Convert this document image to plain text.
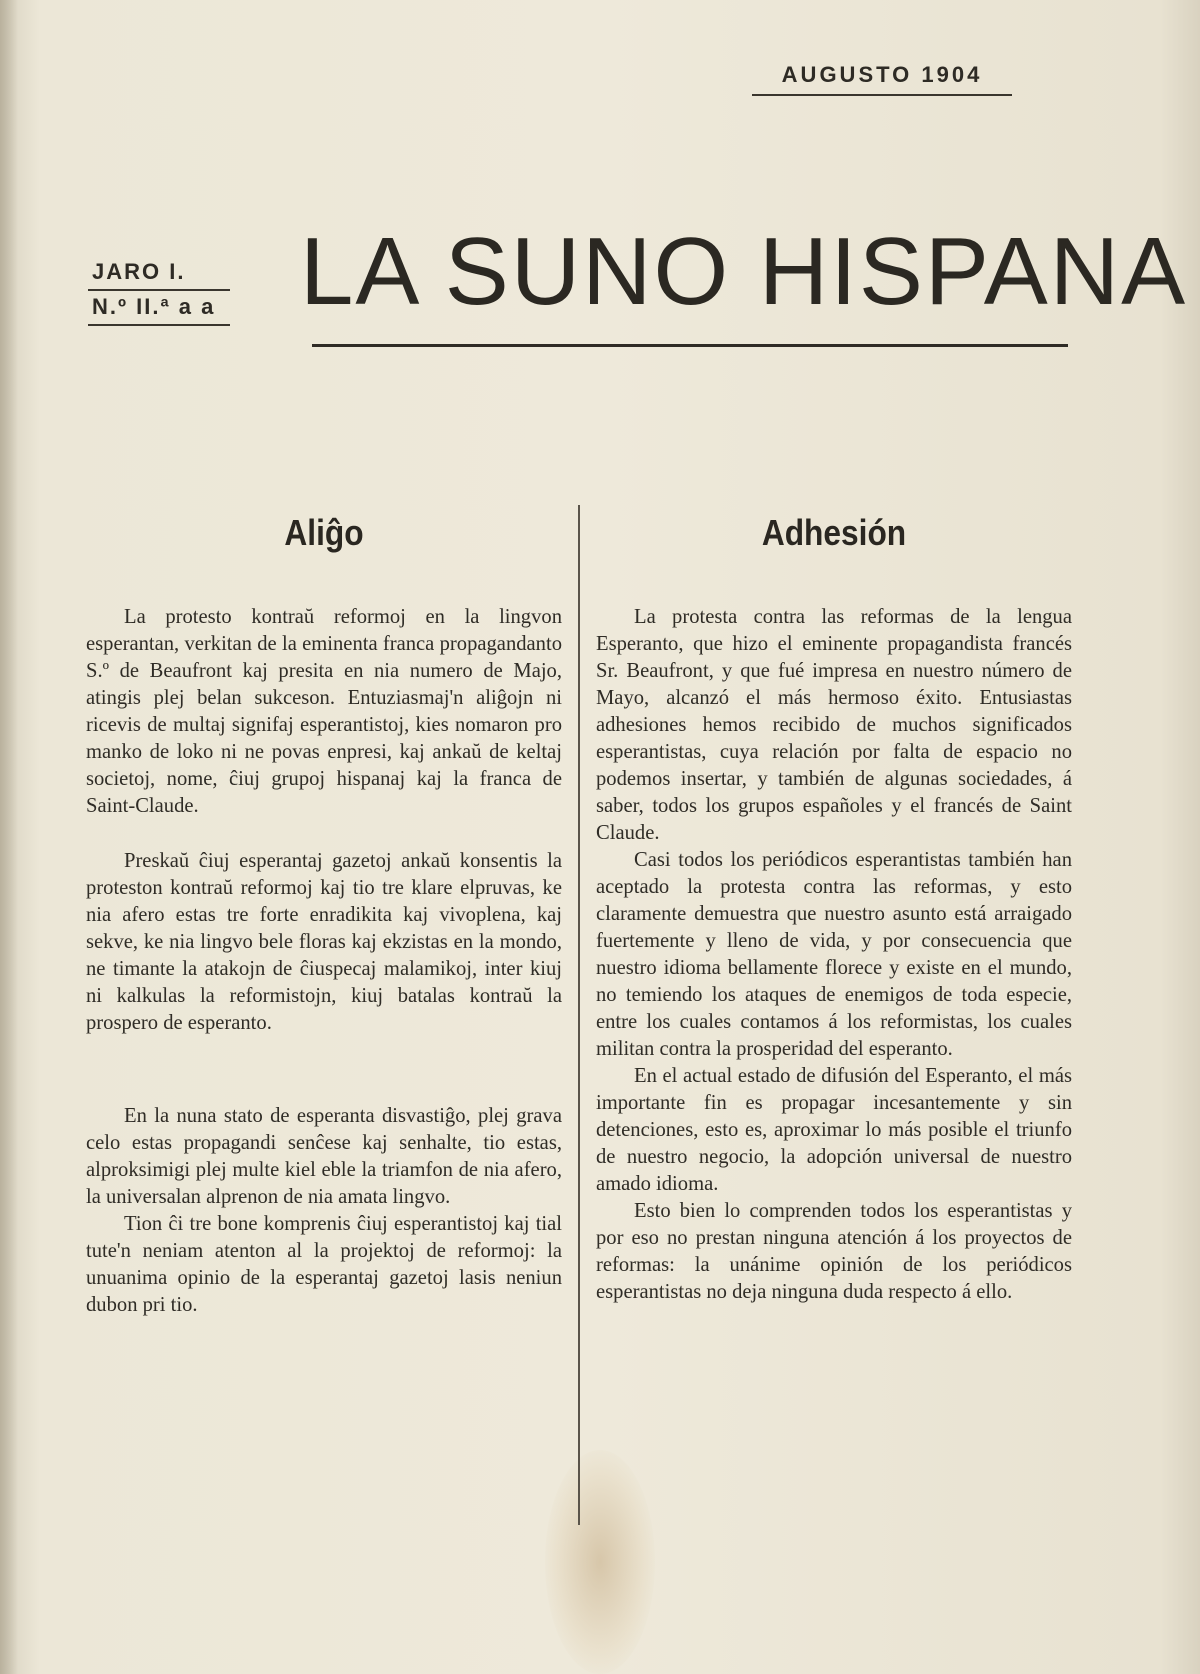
AUGUSTO 1904
JARO I.
N.º II.ª a a LA SUNO HISPANA
Aliĝo

La protesto kontraŭ reformoj en la lingvon esperantan, verkitan de la eminenta franca propagandanto S.º de Beaufront kaj presita en nia numero de Majo, atingis plej belan sukceson. Entuziasmaj'n aliĝojn ni ricevis de multaj signifaj esperantistoj, kies nomaron pro manko de loko ni ne povas enpresi, kaj ankaŭ de keltaj societoj, nome, ĉiuj grupoj hispanaj kaj la franca de Saint-Claude.

Preskaŭ ĉiuj esperantaj gazetoj ankaŭ konsentis la proteston kontraŭ reformoj kaj tio tre klare elpruvas, ke nia afero estas tre forte enradikita kaj vivoplena, kaj sekve, ke nia lingvo bele floras kaj ekzistas en la mondo, ne timante la atakojn de ĉiuspecaj malamikoj, inter kiuj ni kalkulas la reformistojn, kiuj batalas kontraŭ la prospero de esperanto.

En la nuna stato de esperanta disvastiĝo, plej grava celo estas propagandi senĉese kaj senhalte, tio estas, alproksimigi plej multe kiel eble la triamfon de nia afero, la universalan alprenon de nia amata lingvo.

Tion ĉi tre bone komprenis ĉiuj esperantistoj kaj tial tute'n neniam atenton al la projektoj de reformoj: la unuanima opinio de la esperantaj gazetoj lasis neniun dubon pri tio.

Adhesión

La protesta contra las reformas de la lengua Esperanto, que hizo el eminente propagandista francés Sr. Beaufront, y que fué impresa en nuestro número de Mayo, alcanzó el más hermoso éxito. Entusiastas adhesiones hemos recibido de muchos significados esperantistas, cuya relación por falta de espacio no podemos insertar, y también de algunas sociedades, á saber, todos los grupos españoles y el francés de Saint Claude.

Casi todos los periódicos esperantistas también han aceptado la protesta contra las reformas, y esto claramente demuestra que nuestro asunto está arraigado fuertemente y lleno de vida, y por consecuencia que nuestro idioma bellamente florece y existe en el mundo, no temiendo los ataques de enemigos de toda especie, entre los cuales contamos á los reformistas, los cuales militan contra la prosperidad del esperanto.

En el actual estado de difusión del Esperanto, el más importante fin es propagar incesantemente y sin detenciones, esto es, aproximar lo más posible el triunfo de nuestro negocio, la adopción universal de nuestro amado idioma.

Esto bien lo comprenden todos los esperantistas y por eso no prestan ninguna atención á los proyectos de reformas: la unánime opinión de los periódicos esperantistas no deja ninguna duda respecto á ello.
